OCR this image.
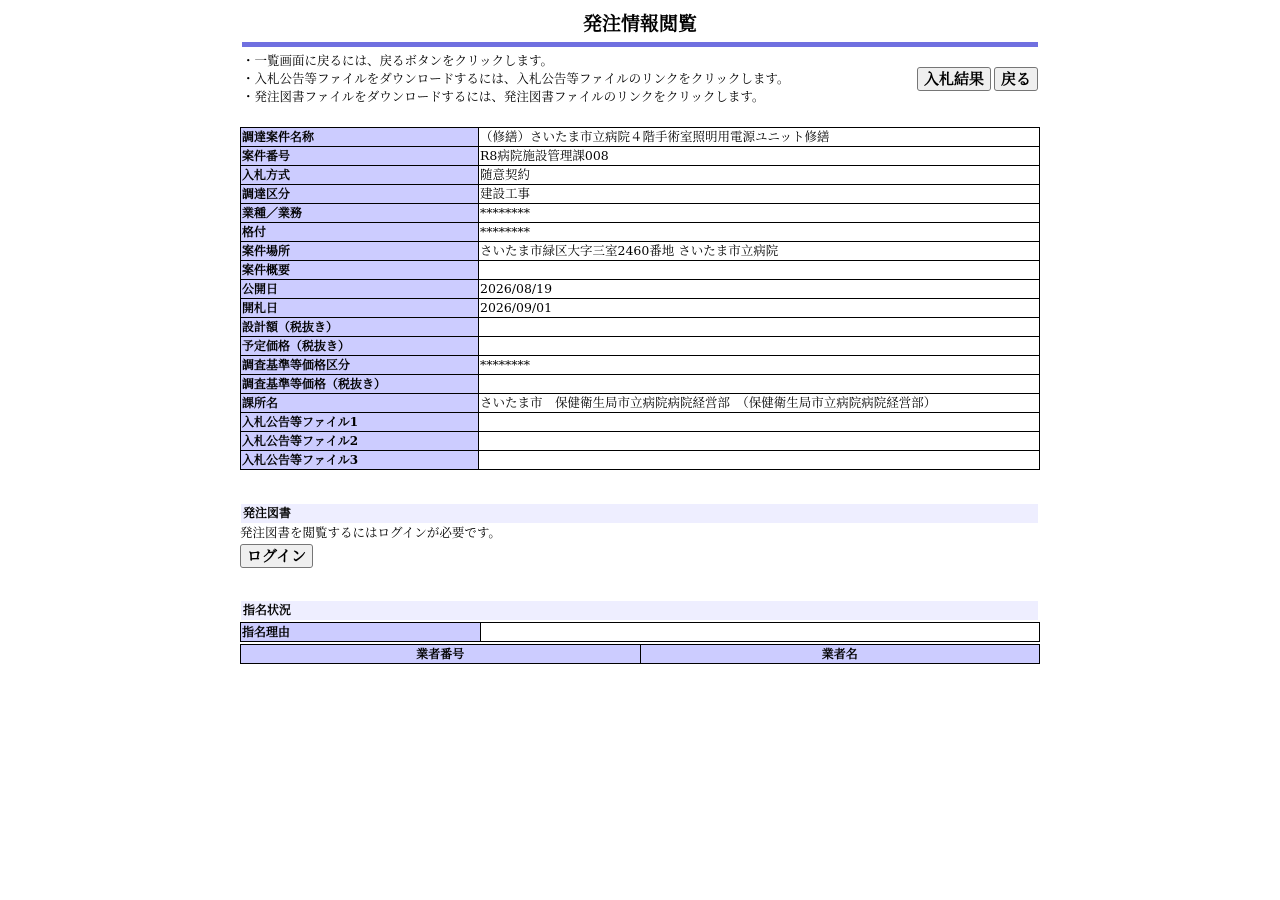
発注情報閲覧
・一覧画面に戻るには、戻るボタンをクリックします。
・入札公告等ファイルをダウンロードするには、入札公告等ファイルのリンクをクリックします。
・発注図書ファイルをダウンロードするには、発注図書ファイルのリンクをクリックします。
入札結果	戻る
調達案件名称	（修繕）さいたま市立病院４階手術室照明用電源ユニット修繕
案件番号	R8病院施設管理課008
入札方式	随意契約
調達区分	建設工事
業種／業務	********
格付	********
案件場所	さいたま市緑区大字三室2460番地 さいたま市立病院
案件概要	
公開日	2026/08/19
開札日	2026/09/01
設計額（税抜き）	
予定価格（税抜き）	
調査基準等価格区分	********
調査基準等価格（税抜き）	
課所名	さいたま市　保健衛生局市立病院病院経営部　（保健衛生局市立病院病院経営部）
入札公告等ファイル1	
入札公告等ファイル2	
入札公告等ファイル3	
発注図書
発注図書を閲覧するにはログインが必要です。
ログイン
指名状況
指名理由	
業者番号	業者名
